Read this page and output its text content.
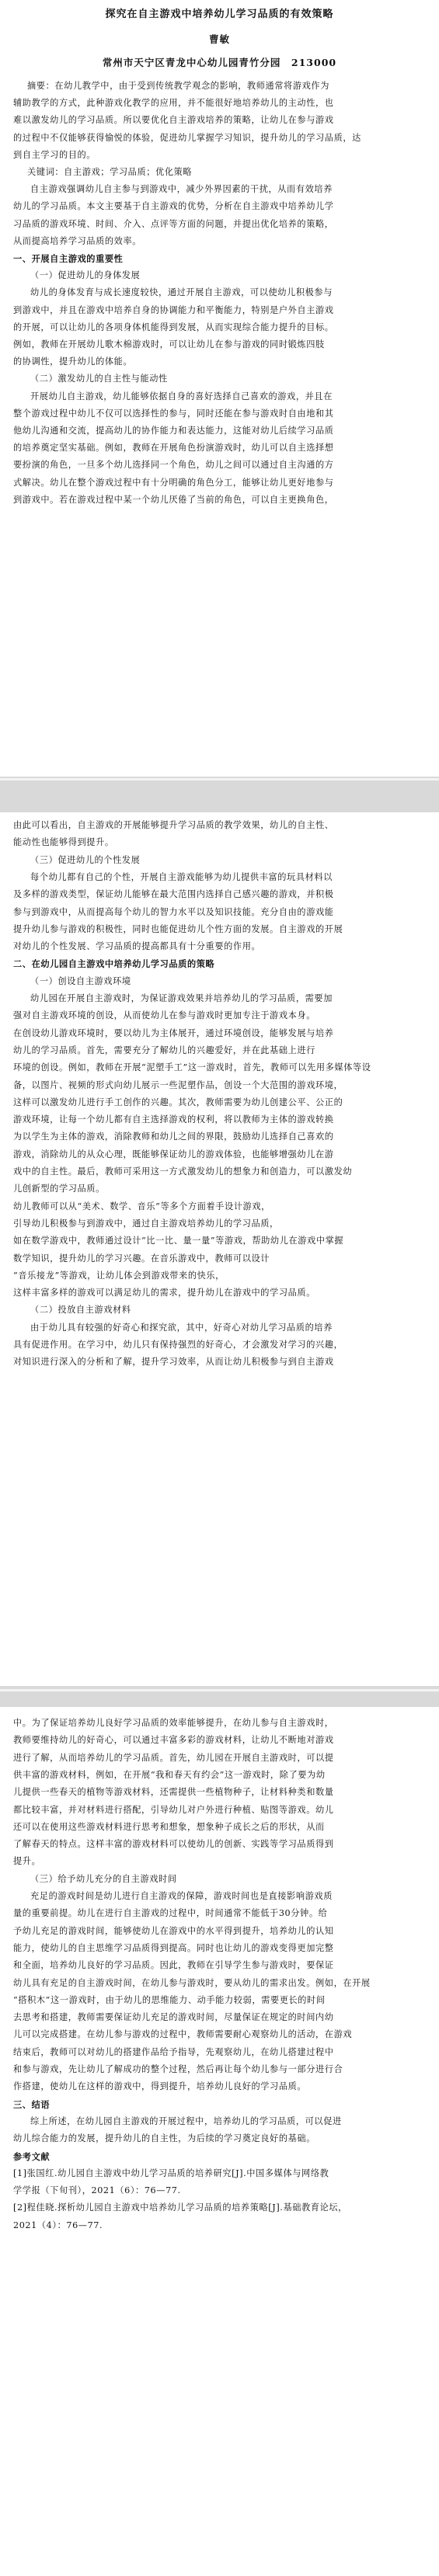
探究在自主游戏中培养幼儿学习品质的有效策略
曹敏
常州市天宁区青龙中心幼儿园青竹分园　213000
摘要：在幼儿教学中，由于受到传统教学观念的影响，教师通常将游戏作为
辅助教学的方式，此种游戏化教学的应用，并不能很好地培养幼儿的主动性，也
难以激发幼儿的学习品质。所以要优化自主游戏培养的策略，让幼儿在参与游戏
的过程中不仅能够获得愉悦的体验，促进幼儿掌握学习知识，提升幼儿的学习品质，达
到自主学习的目的。
关键词：自主游戏；学习品质；优化策略
自主游戏强调幼儿自主参与到游戏中，减少外界因素的干扰，从而有效培养
幼儿的学习品质。本文主要基于自主游戏的优势，分析在自主游戏中培养幼儿学
习品质的游戏环境、时间、介入、点评等方面的问题，并提出优化培养的策略，
从而提高培养学习品质的效率。
一、开展自主游戏的重要性
（一）促进幼儿的身体发展
幼儿的身体发育与成长速度较快，通过开展自主游戏，可以使幼儿积极参与
到游戏中，并且在游戏中培养自身的协调能力和平衡能力，特别是户外自主游戏
的开展，可以让幼儿的各项身体机能得到发展，从而实现综合能力提升的目标。
例如，教师在开展幼儿歌木棉游戏时，可以让幼儿在参与游戏的同时锻炼四肢
的协调性，提升幼儿的体能。
（二）激发幼儿的自主性与能动性
开展幼儿自主游戏，幼儿能够依据自身的喜好选择自己喜欢的游戏，并且在
整个游戏过程中幼儿不仅可以选择性的参与，同时还能在参与游戏时自由地和其
他幼儿沟通和交流，提高幼儿的协作能力和表达能力，这能对幼儿后续学习品质
的培养奠定坚实基础。例如，教师在开展角色扮演游戏时，幼儿可以自主选择想
要扮演的角色，一旦多个幼儿选择同一个角色，幼儿之间可以通过自主沟通的方
式解决。幼儿在整个游戏过程中有十分明确的角色分工，能够让幼儿更好地参与
到游戏中。若在游戏过程中某一个幼儿厌倦了当前的角色，可以自主更换角色，
由此可以看出，自主游戏的开展能够提升学习品质的教学效果，幼儿的自主性、
能动性也能够得到提升。
（三）促进幼儿的个性发展
每个幼儿都有自己的个性，开展自主游戏能够为幼儿提供丰富的玩具材料以
及多样的游戏类型，保证幼儿能够在最大范围内选择自己感兴趣的游戏，并积极
参与到游戏中，从而提高每个幼儿的智力水平以及知识技能。充分自由的游戏能
提升幼儿参与游戏的积极性，同时也能促进幼儿个性方面的发展。自主游戏的开展
对幼儿的个性发展、学习品质的提高都具有十分重要的作用。
二、在幼儿园自主游戏中培养幼儿学习品质的策略
（一）创设自主游戏环境
幼儿园在开展自主游戏时，为保证游戏效果并培养幼儿的学习品质，需要加
强对自主游戏环境的创设，从而使幼儿在参与游戏时更加专注于游戏本身。
在创设幼儿游戏环境时，要以幼儿为主体展开，通过环境创设，能够发展与培养
幼儿的学习品质。首先，需要充分了解幼儿的兴趣爱好，并在此基础上进行
环境的创设。例如，教师在开展“泥塑手工”这一游戏时，首先，教师可以先用多媒体等设
备，以图片、视频的形式向幼儿展示一些泥塑作品，创设一个大范围的游戏环境，
这样可以激发幼儿进行手工创作的兴趣。其次，教师需要为幼儿创建公平、公正的
游戏环境，让每一个幼儿都有自主选择游戏的权利，将以教师为主体的游戏转换
为以学生为主体的游戏，消除教师和幼儿之间的界限，鼓励幼儿选择自己喜欢的
游戏，消除幼儿的从众心理，既能够保证幼儿的游戏体验，也能够增强幼儿在游
戏中的自主性。最后，教师可采用这一方式激发幼儿的想象力和创造力，可以激发幼
儿创新型的学习品质。
幼儿教师可以从“美术、数学、音乐”等多个方面着手设计游戏，
引导幼儿积极参与到游戏中，通过自主游戏培养幼儿的学习品质，
如在数学游戏中，教师通过设计“比一比、量一量”等游戏，帮助幼儿在游戏中掌握
数学知识，提升幼儿的学习兴趣。在音乐游戏中，教师可以设计
“音乐接龙”等游戏，让幼儿体会到游戏带来的快乐，
这样丰富多样的游戏可以满足幼儿的需求，提升幼儿在游戏中的学习品质。
（二）投放自主游戏材料
由于幼儿具有较强的好奇心和探究欲，其中，好奇心对幼儿学习品质的培养
具有促进作用。在学习中，幼儿只有保持强烈的好奇心，才会激发对学习的兴趣，
对知识进行深入的分析和了解，提升学习效率，从而让幼儿积极参与到自主游戏
中。为了保证培养幼儿良好学习品质的效率能够提升，在幼儿参与自主游戏时，
教师要维持幼儿的好奇心，可以通过丰富多彩的游戏材料，让幼儿不断地对游戏
进行了解，从而培养幼儿的学习品质。首先，幼儿园在开展自主游戏时，可以提
供丰富的游戏材料，例如，在开展“我和春天有约会”这一游戏时，除了要为幼
儿提供一些春天的植物等游戏材料，还需提供一些植物种子，让材料种类和数量
都比较丰富，并对材料进行搭配，引导幼儿对户外进行种植、贴图等游戏。幼儿
还可以在使用这些游戏材料进行思考和想象，想象种子成长之后的形状，从而
了解春天的特点。这样丰富的游戏材料可以使幼儿的创新、实践等学习品质得到
提升。
（三）给予幼儿充分的自主游戏时间
充足的游戏时间是幼儿进行自主游戏的保障，游戏时间也是直接影响游戏质
量的重要前提。幼儿在进行自主游戏的过程中，时间通常不能低于30分钟。给
予幼儿充足的游戏时间，能够使幼儿在游戏中的水平得到提升，培养幼儿的认知
能力，使幼儿的自主思维学习品质得到提高。同时也让幼儿的游戏变得更加完整
和全面，培养幼儿良好的学习品质。因此，教师在引导学生参与游戏时，要保证
幼儿具有充足的自主游戏时间，在幼儿参与游戏时，要从幼儿的需求出发。例如，在开展
“搭积木”这一游戏时，由于幼儿的思维能力、动手能力较弱，需要更长的时间
去思考和搭建，教师需要保证幼儿充足的游戏时间，尽量保证在规定的时间内幼
儿可以完成搭建。在幼儿参与游戏的过程中，教师需要耐心观察幼儿的活动，在游戏
结束后，教师可以对幼儿的搭建作品给予指导，先观察幼儿，在幼儿搭建过程中
和参与游戏，先让幼儿了解成功的整个过程，然后再让每个幼儿参与一部分进行合
作搭建，使幼儿在这样的游戏中，得到提升，培养幼儿良好的学习品质。
三、结语
综上所述，在幼儿园自主游戏的开展过程中，培养幼儿的学习品质，可以促进
幼儿综合能力的发展，提升幼儿的自主性，为后续的学习奠定良好的基础。
参考文献
[1]张国红.幼儿园自主游戏中幼儿学习品质的培养研究[J].中国多媒体与网络教
学学报（下旬刊），2021（6）：76—77.
[2]程佳晓.探析幼儿园自主游戏中培养幼儿学习品质的培养策略[J].基础教育论坛，
2021（4）：76—77.
